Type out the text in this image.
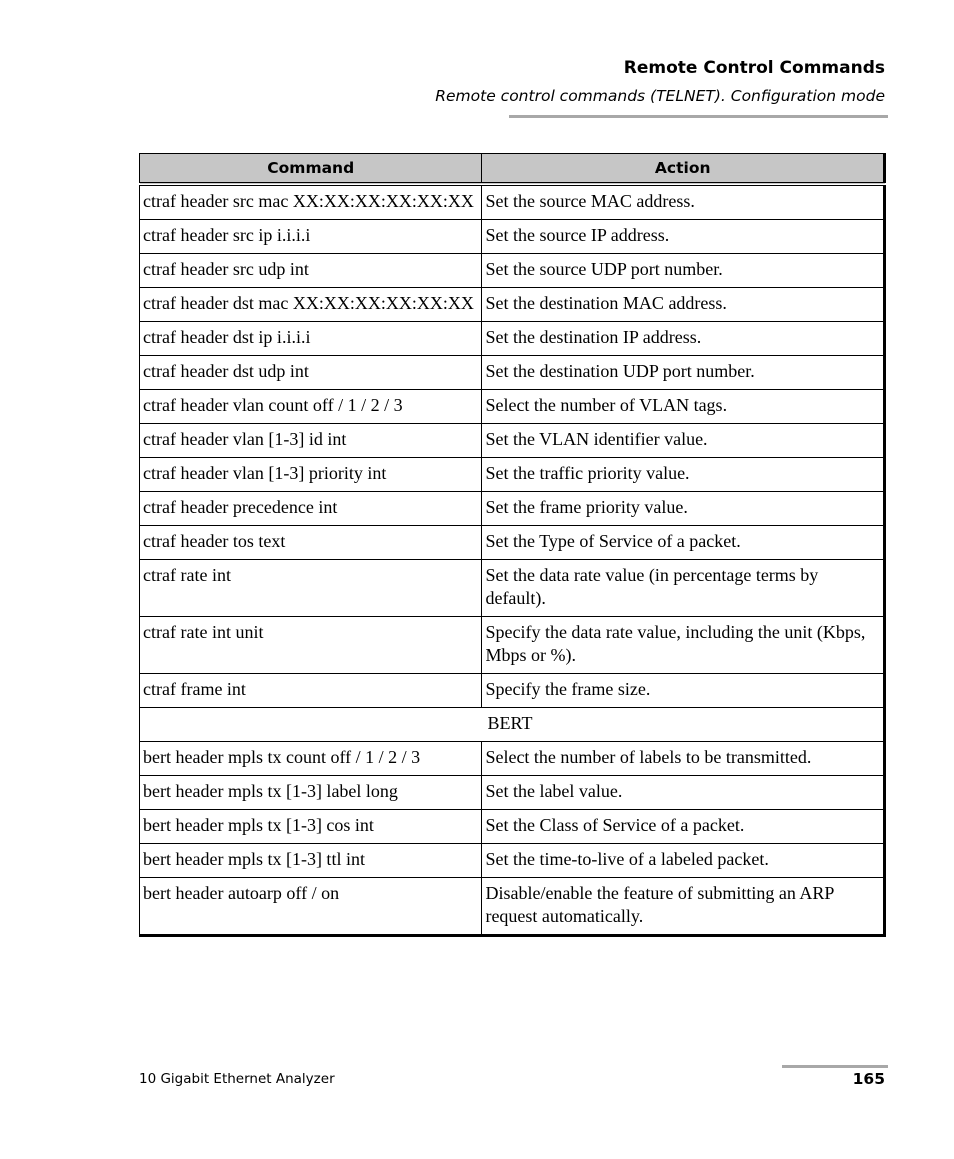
Remote Control Commands
Remote control commands (TELNET). Configuration mode
Command	Action
ctraf header src mac XX:XX:XX:XX:XX:XX	Set the source MAC address.
ctraf header src ip i.i.i.i	Set the source IP address.
ctraf header src udp int	Set the source UDP port number.
ctraf header dst mac XX:XX:XX:XX:XX:XX	Set the destination MAC address.
ctraf header dst ip i.i.i.i	Set the destination IP address.
ctraf header dst udp int	Set the destination UDP port number.
ctraf header vlan count off / 1 / 2 / 3	Select the number of VLAN tags.
ctraf header vlan [1-3] id int	Set the VLAN identifier value.
ctraf header vlan [1-3] priority int	Set the traffic priority value.
ctraf header precedence int	Set the frame priority value.
ctraf header tos text	Set the Type of Service of a packet.
ctraf rate int	Set the data rate value (in percentage terms by default).
ctraf rate int unit	Specify the data rate value, including the unit (Kbps, Mbps or %).
ctraf frame int	Specify the frame size.
BERT	
bert header mpls tx count off / 1 / 2 / 3	Select the number of labels to be transmitted.
bert header mpls tx [1-3] label long	Set the label value.
bert header mpls tx [1-3] cos int	Set the Class of Service of a packet.
bert header mpls tx [1-3] ttl int	Set the time-to-live of a labeled packet.
bert header autoarp off / on	Disable/enable the feature of submitting an ARP request automatically.
10 Gigabit Ethernet Analyzer	165
